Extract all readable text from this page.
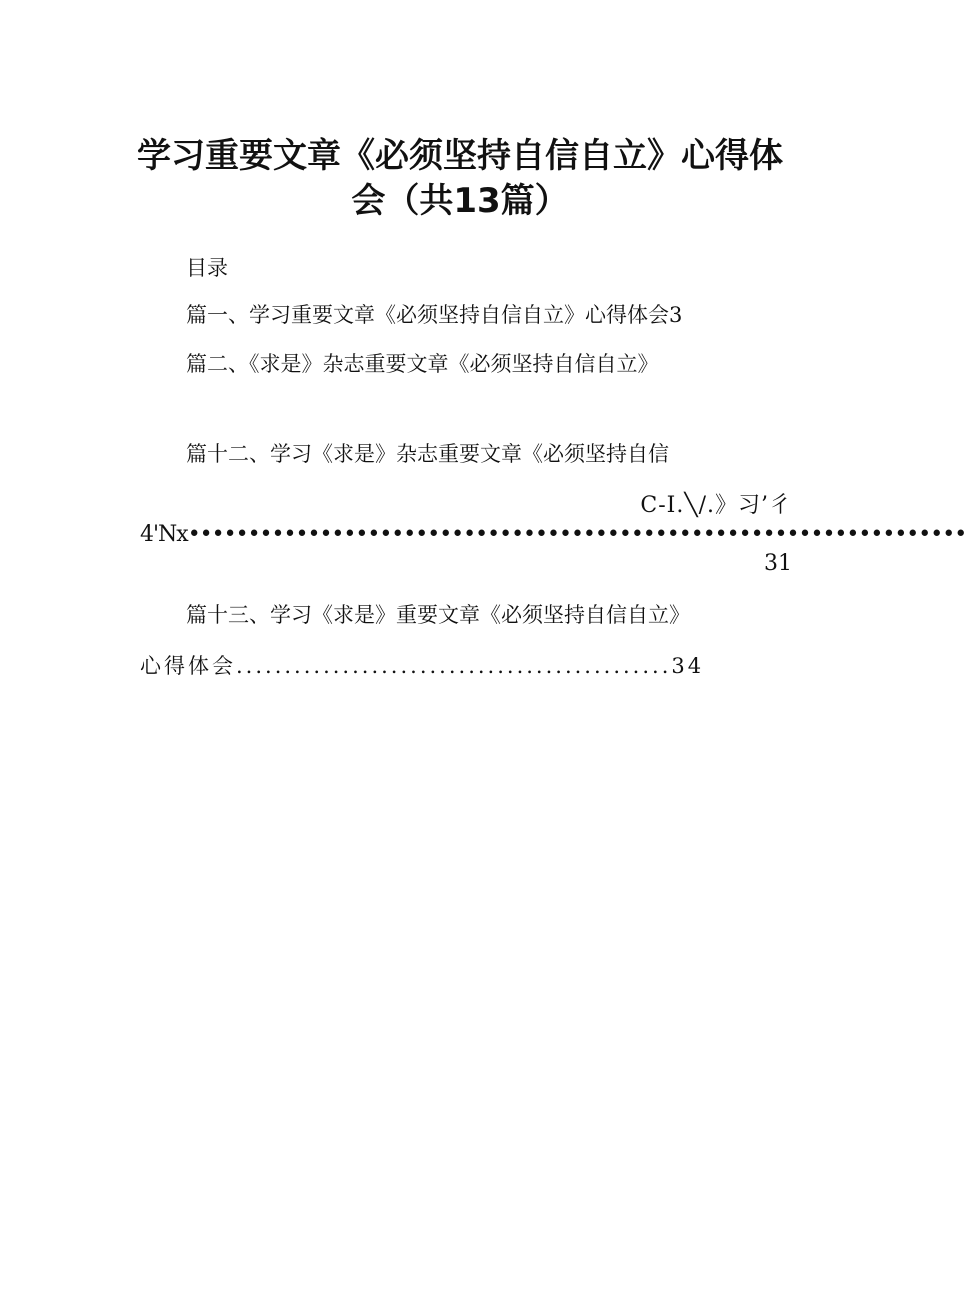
学习重要文章《必须坚持自信自立》心得体
会（共13篇）
目录
篇一、学习重要文章《必须坚持自信自立》心得体会3
篇二、《求是》杂志重要文章《必须坚持自信自立》
篇十二、学习《求是》杂志重要文章《必须坚持自信
C-I.╲/.》习’彳
4'Nx•••••••••••••••••••••••••••••••••••••••••••••••••••••••••••••••••
31
篇十三、学习《求是》重要文章《必须坚持自信自立》
心得体会.............................................34
